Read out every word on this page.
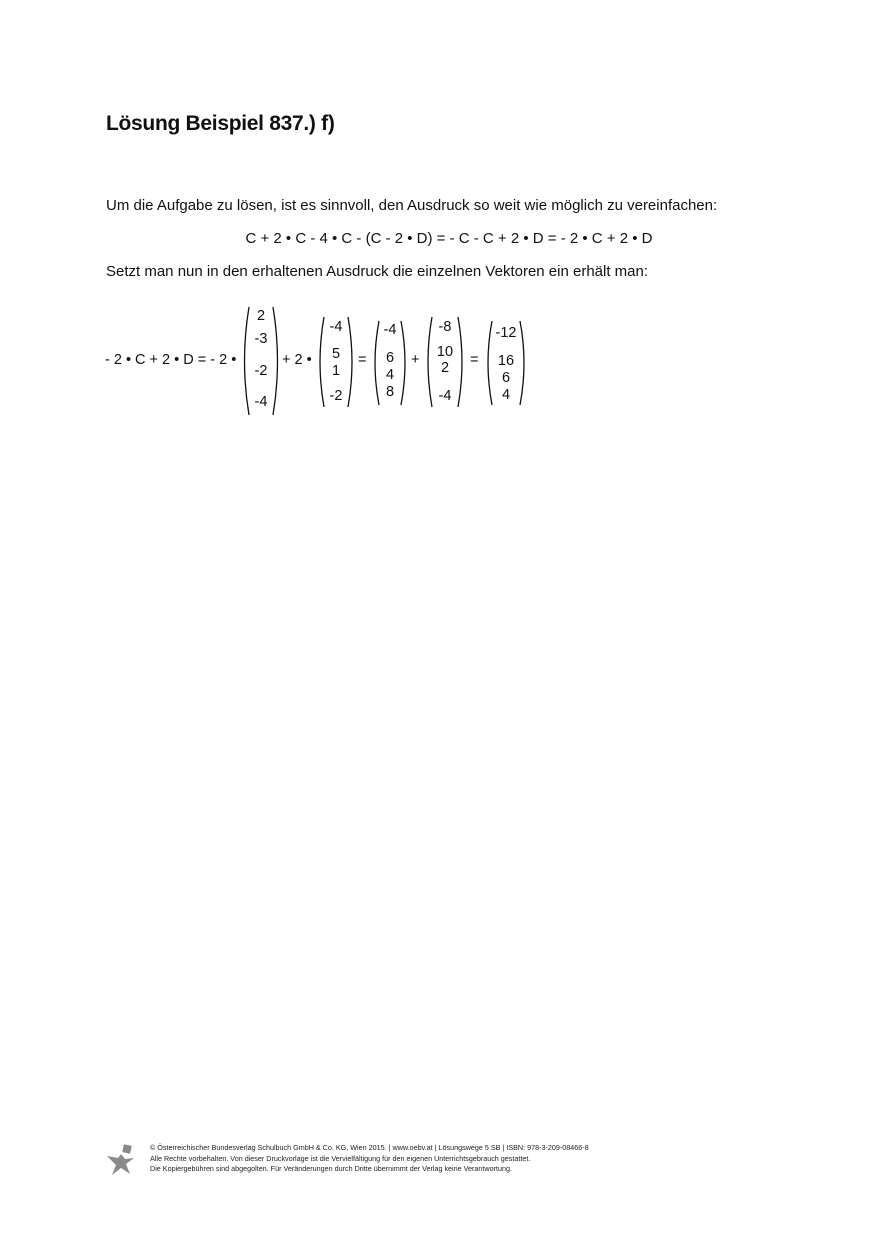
Lösung Beispiel 837.) f)

Um die Aufgabe zu lösen, ist es sinnvoll, den Ausdruck so weit wie möglich zu vereinfachen:

C + 2 • C - 4 • C - (C - 2 • D) = - C - C + 2 • D = - 2 • C + 2 • D

Setzt man nun in den erhaltenen Ausdruck die einzelnen Vektoren ein erhält man:

- 2 • C + 2 • D = - 2 •
2
-3
-2
-4
+ 2 •
-4
5
1
-2
=
-4
6
4
8
+
-8
10
2
-4
=
-12
16
6
4
© Österreichischer Bundesverlag Schulbuch GmbH & Co. KG, Wien 2015. | www.oebv.at | Lösungswege 5 SB | ISBN: 978-3-209-08466-8
Alle Rechte vorbehalten. Von dieser Druckvorlage ist die Vervielfältigung für den eigenen Unterrichtsgebrauch gestattet.
Die Kopiergebühren sind abgegolten. Für Veränderungen durch Dritte übernimmt der Verlag keine Verantwortung.
